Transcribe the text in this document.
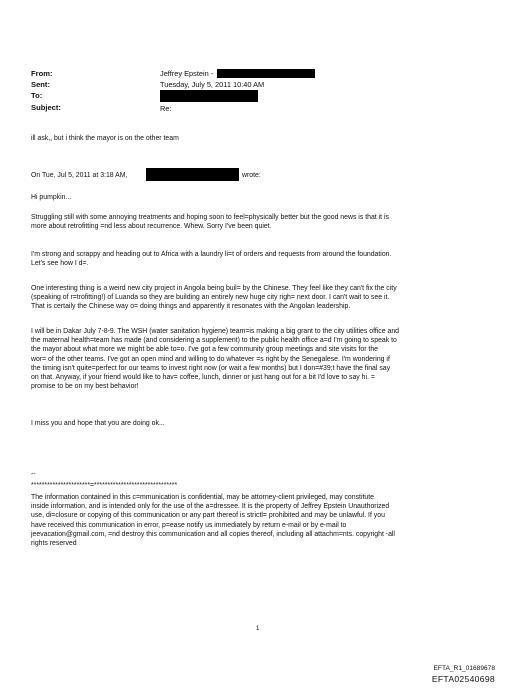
From:	Jeffrey Epstein -
Sent:	Tuesday, July 5, 2011 10:40 AM
To:
Subject:	Re:

ill ask,, but i think the mayor is on the other team

On Tue, Jul 5, 2011 at 3:18 AM,	wrote:

Hi pumpkin...

Struggling still with some annoying treatments and hoping soon to feel=physically better but the good news is that it is
more about retrofitting =nd less about recurrence. Whew. Sorry I've been quiet.

I'm strong and scrappy and heading out to Africa with a laundry li=t of orders and requests from around the foundation.
Let's see how I d=.

One interesting thing is a weird new city project in Angola being buil= by the Chinese. They feel like they can't fix the city
(speaking of r=trofitting!) of Luanda so they are building an entirely new huge city righ= next door. I can't wait to see it.
That is certaily the Chinese way o= doing things and apparently it resonates with the Angolan leadership.

I will be in Dakar July 7-8-9. The WSH (water sanitation hygiene) team=is making a big grant to the city utilities office and
the maternal health=team has made (and considering a supplement) to the public health office a=d I'm going to speak to
the mayor about what more we might be able to=o. I've got a few community group meetings and site visits for the
wor= of the other teams. I've got an open mind and willing to do whatever =s right by the Senegalese. I'm wondering if
the timing isn't quite=perfect for our teams to invest right now (or wait a few months) but I don=#39;t have the final say
on that. Anyway, if your friend would like to hav= coffee, lunch, dinner or just hang out for a bit I'd love to say hi. =
promise to be on my best behavior!

I miss you and hope that you are doing ok...

--

**********************=*******************************

The information contained in this c=mmunication is confidential, may be attorney-client privileged, may constitute
inside information, and is intended only for the use of the a=dressee. It is the property of Jeffrey Epstein Unauthorized
use, di=closure or copying of this communication or any part thereof is strictl= prohibited and may be unlawful. If you
have received this communication in error, p=ease notify us immediately by return e-mail or by e-mail to
jeevacation@gmail.com, =nd destroy this communication and all copies thereof, including all attachm=nts. copyright -all
rights reserved

1
EFTA_R1_01689678
EFTA02540698
